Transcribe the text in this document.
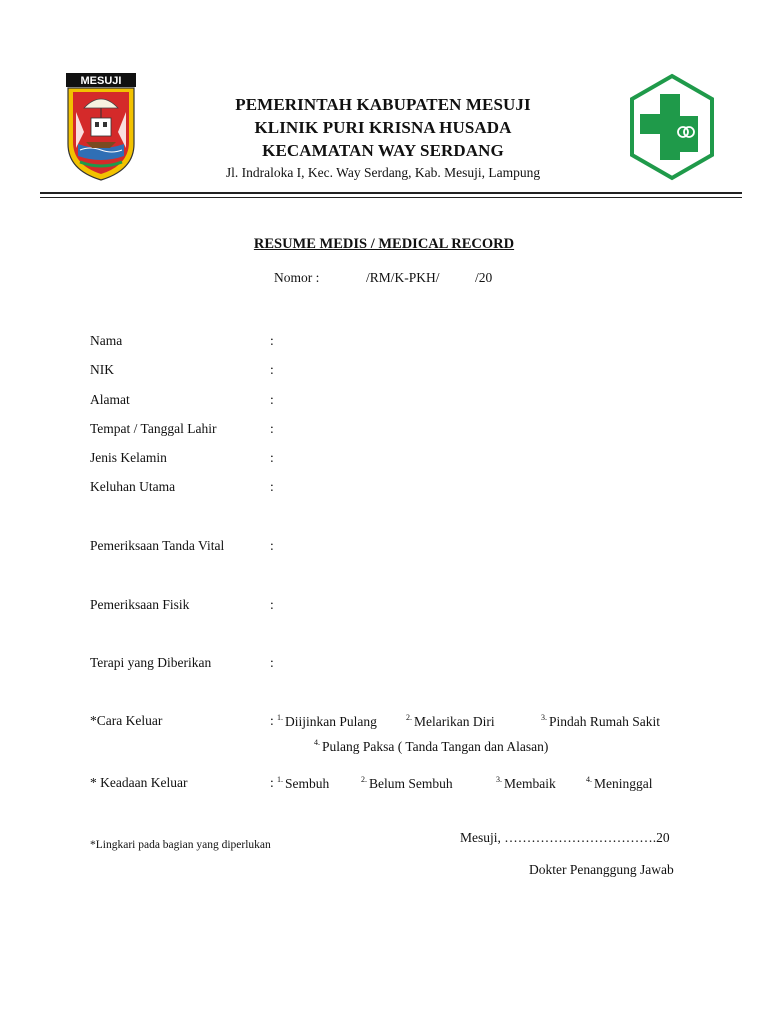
MESUJI
PEMERINTAH KABUPATEN MESUJI
KLINIK PURI KRISNA HUSADA
KECAMATAN WAY SERDANG
Jl. Indraloka I, Kec. Way Serdang, Kab. Mesuji, Lampung
RESUME MEDIS / MEDICAL RECORD
Nomor :	/RM/K-PKH/	/20
Nama	:
NIK	:
Alamat	:
Tempat / Tanggal Lahir	:
Jenis Kelamin	:
Keluhan Utama	:
Pemeriksaan Tanda Vital	:
Pemeriksaan Fisik	:
Terapi yang Diberikan	:
*Cara Keluar	: $^{1.}$ Diijinkan Pulang	$^{2.}$ Melarikan Diri	$^{3.}$ Pindah Rumah Sakit
$^{4.}$ Pulang Paksa ( Tanda Tangan dan Alasan)
* Keadaan Keluar	: $^{1.}$ Sembuh	$^{2.}$ Belum Sembuh	$^{3.}$ Membaik	$^{4.}$ Meninggal
*Lingkari pada bagian yang diperlukan	Mesuji, …………………………….20
Dokter Penanggung Jawab
